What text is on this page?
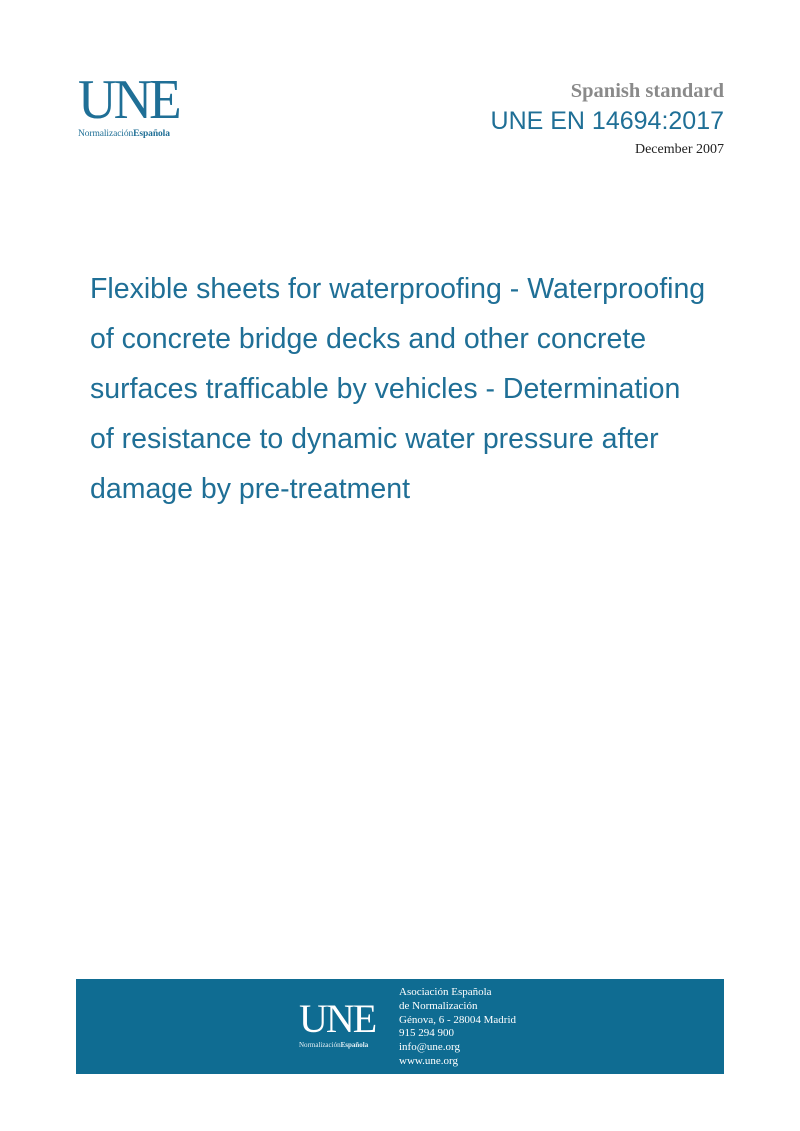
UNE
NormalizaciónEspañola
Spanish standard
UNE EN 14694:2017
December 2007
Flexible sheets for waterproofing - Waterproofing
of concrete bridge decks and other concrete
surfaces trafficable by vehicles - Determination
of resistance to dynamic water pressure after
damage by pre-treatment
UNE
NormalizaciónEspañola
Asociación Española
de Normalización
Génova, 6 - 28004 Madrid
915 294 900
info@une.org
www.une.org
